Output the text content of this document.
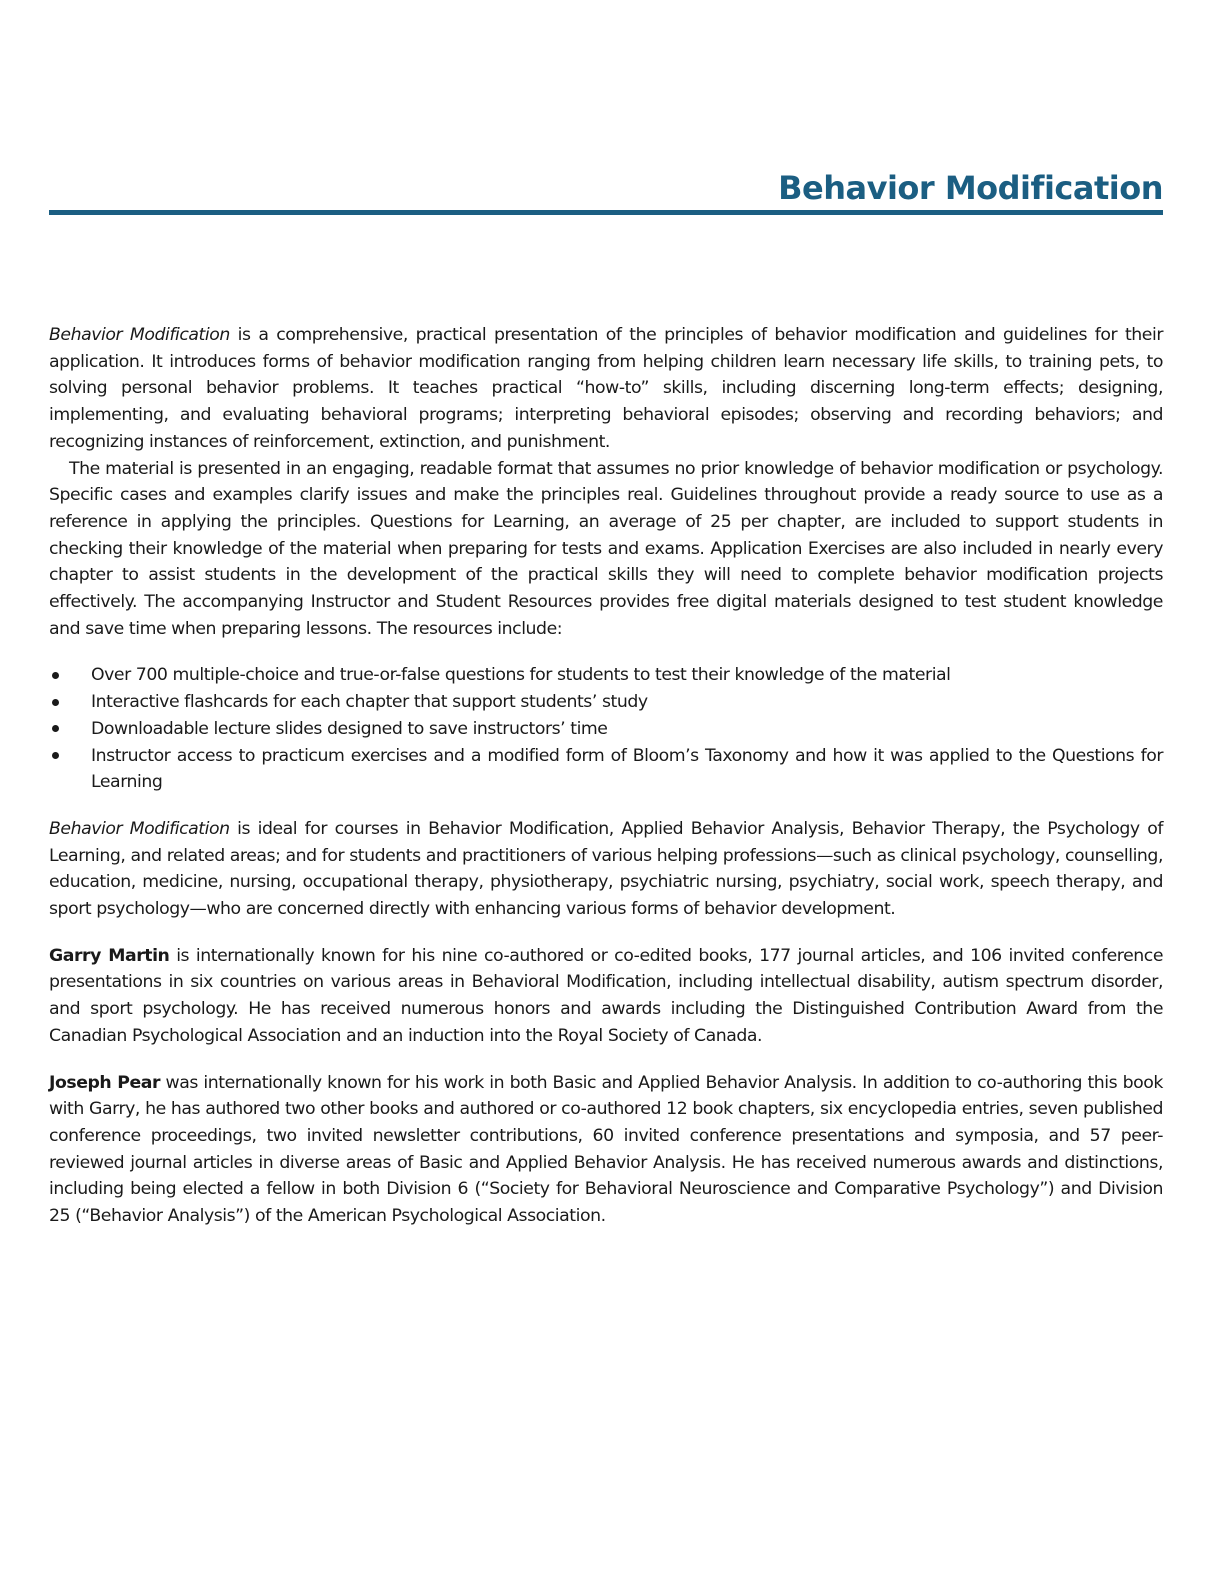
Behavior Modification

Behavior Modification is a comprehensive, practical presentation of the principles of behavior modification and guidelines for their application. It introduces forms of behavior modification ranging from helping children learn necessary life skills, to training pets, to solving personal behavior problems. It teaches practical “how-to” skills, including discerning long-term effects; designing, implementing, and evaluating behavioral programs; interpreting behavioral episodes; observing and recording behaviors; and recognizing instances of reinforcement, extinction, and punishment.

The material is presented in an engaging, readable format that assumes no prior knowledge of behavior modification or psychology. Specific cases and examples clarify issues and make the principles real. Guidelines throughout provide a ready source to use as a reference in applying the principles. Questions for Learning, an average of 25 per chapter, are included to support students in checking their knowledge of the material when preparing for tests and exams. Application Exercises are also included in nearly every chapter to assist students in the development of the practical skills they will need to complete behavior modification projects effectively. The accompanying Instructor and Student Resources provides free digital materials designed to test student knowledge and save time when preparing lessons. The resources include:

Over 700 multiple-choice and true-or-false questions for students to test their knowledge of the material
Interactive flashcards for each chapter that support students’ study
Downloadable lecture slides designed to save instructors’ time
Instructor access to practicum exercises and a modified form of Bloom’s Taxonomy and how it was applied to the Questions for Learning

Behavior Modification is ideal for courses in Behavior Modification, Applied Behavior Analysis, Behavior Therapy, the Psychology of Learning, and related areas; and for students and practitioners of various helping professions—such as clinical psychology, counselling, education, medicine, nursing, occupational therapy, physiotherapy, psychiatric nursing, psychiatry, social work, speech therapy, and sport psychology—who are concerned directly with enhancing various forms of behavior development.

Garry Martin is internationally known for his nine co-authored or co-edited books, 177 journal articles, and 106 invited conference presentations in six countries on various areas in Behavioral Modification, including intellectual disability, autism spectrum disorder, and sport psychology. He has received numerous honors and awards including the Distinguished Contribution Award from the Canadian Psychological Association and an induction into the Royal Society of Canada.

Joseph Pear was internationally known for his work in both Basic and Applied Behavior Analysis. In addition to co-authoring this book with Garry, he has authored two other books and authored or co-authored 12 book chapters, six encyclopedia entries, seven published conference proceedings, two invited newsletter contributions, 60 invited conference presentations and symposia, and 57 peer-reviewed journal articles in diverse areas of Basic and Applied Behavior Analysis. He has received numerous awards and distinctions, including being elected a fellow in both Division 6 (“Society for Behavioral Neuroscience and Comparative Psychology”) and Division 25 (“Behavior Analysis”) of the American Psychological Association.
